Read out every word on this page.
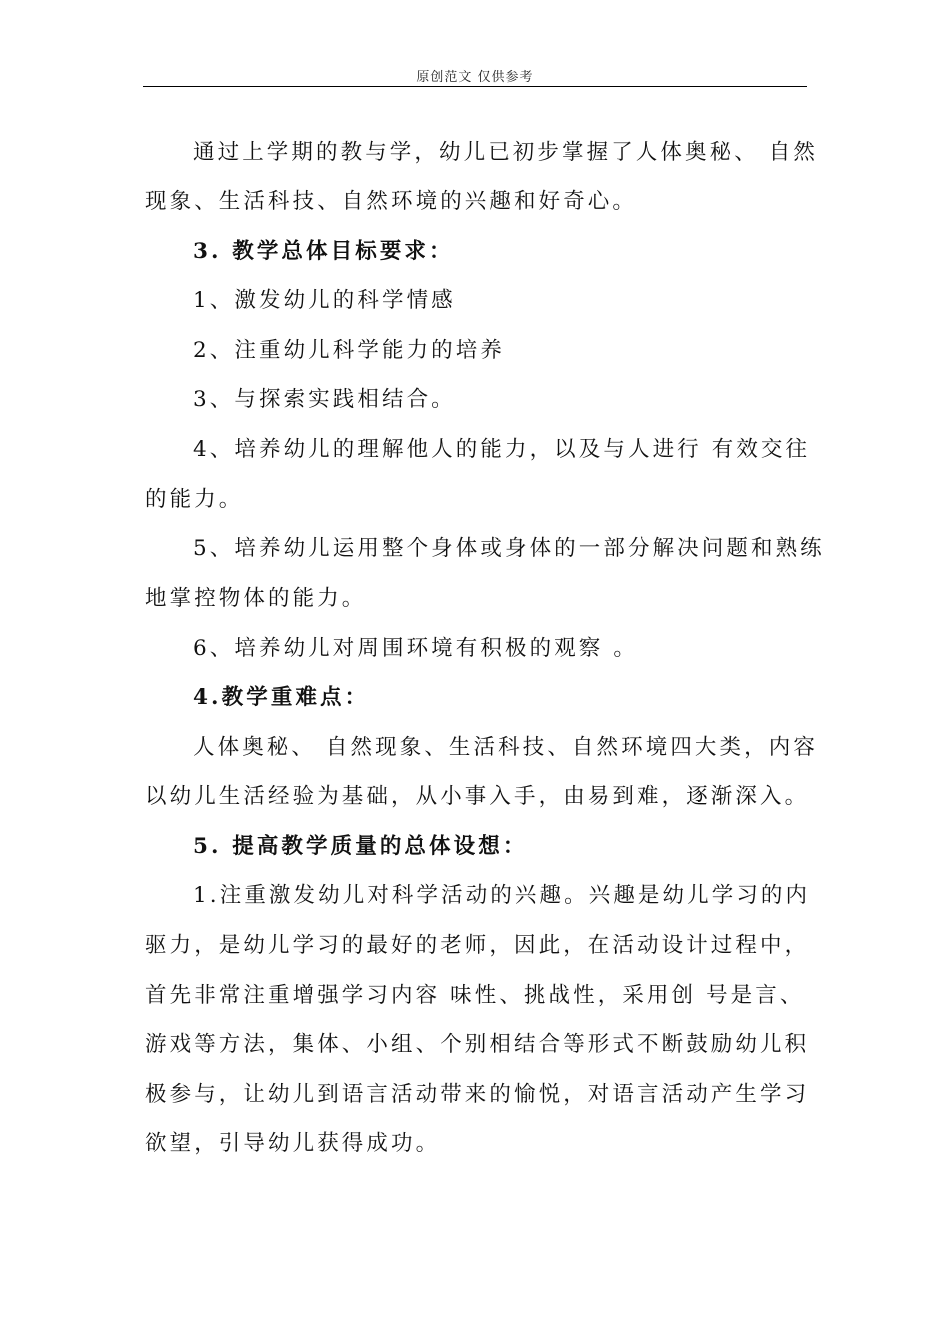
原创范文 仅供参考
通过上学期的教与学，幼儿已初步掌握了人体奥秘、 自然
现象、生活科技、自然环境的兴趣和好奇心。
3. 教学总体目标要求：
1、激发幼儿的科学情感
2、注重幼儿科学能力的培养
3、与探索实践相结合。
4、培养幼儿的理解他人的能力，以及与人进行 有效交往
的能力。
5、培养幼儿运用整个身体或身体的一部分解决问题和熟练
地掌控物体的能力。
6、培养幼儿对周围环境有积极的观察 。
4.教学重难点：
人体奥秘、 自然现象、生活科技、自然环境四大类，内容
以幼儿生活经验为基础，从小事入手，由易到难，逐渐深入。
5. 提高教学质量的总体设想：
1.注重激发幼儿对科学活动的兴趣。兴趣是幼儿学习的内
驱力，是幼儿学习的最好的老师，因此，在活动设计过程中，
首先非常注重增强学习内容 味性、挑战性，采用创 号是言、
游戏等方法，集体、小组、个别相结合等形式不断鼓励幼儿积
极参与，让幼儿到语言活动带来的愉悦，对语言活动产生学习
欲望，引导幼儿获得成功。
